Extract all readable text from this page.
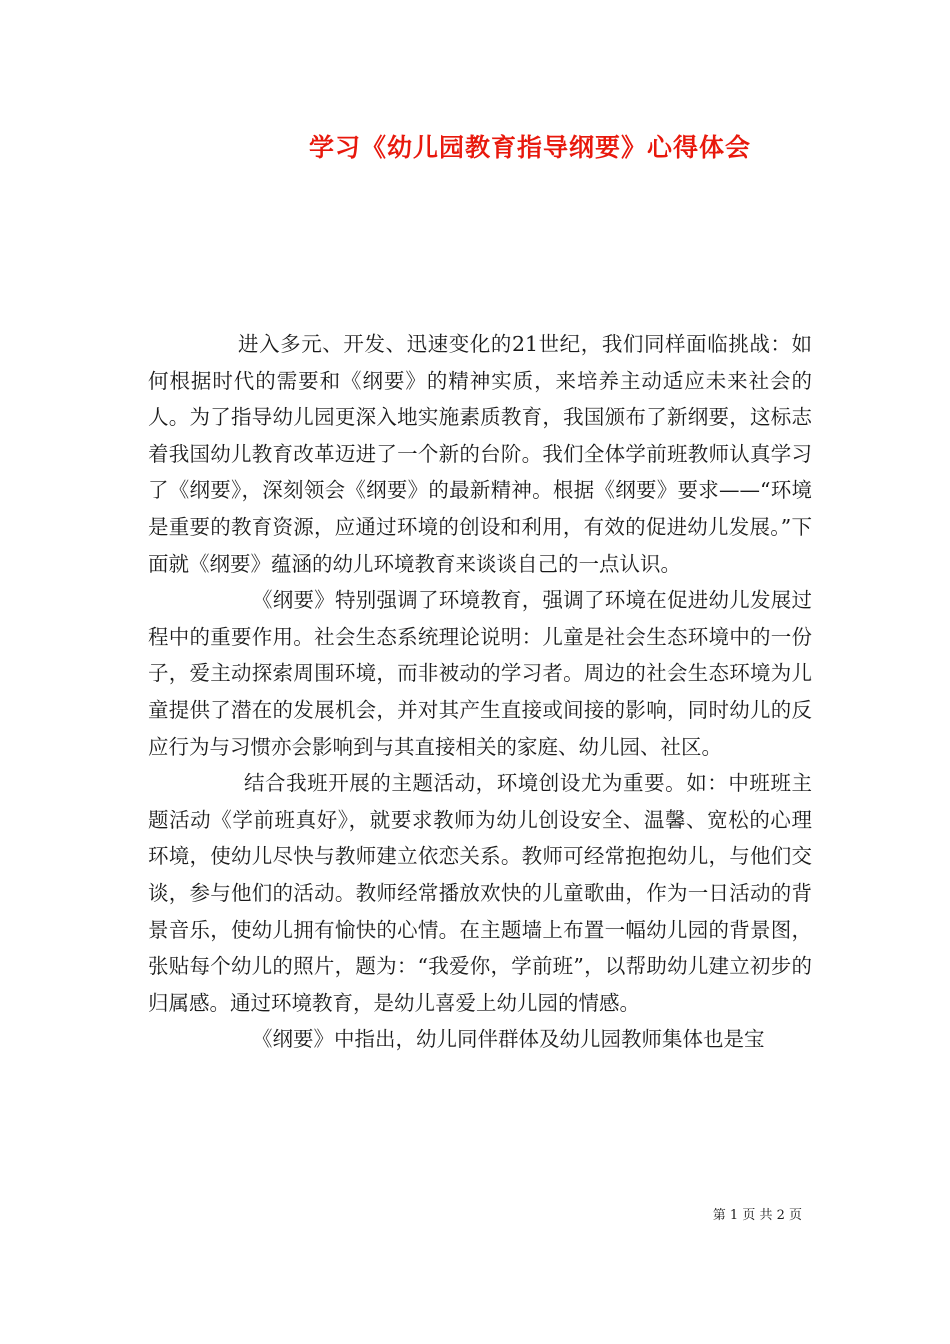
学习《幼儿园教育指导纲要》心得体会

进入多元、开发、迅速变化的21世纪，我们同样面临挑战：如何根据时代的需要和《纲要》的精神实质，来培养主动适应未来社会的人。为了指导幼儿园更深入地实施素质教育，我国颁布了新纲要，这标志着我国幼儿教育改革迈进了一个新的台阶。我们全体学前班教师认真学习了《纲要》，深刻领会《纲要》的最新精神。根据《纲要》要求——“环境是重要的教育资源，应通过环境的创设和利用，有效的促进幼儿发展。”下面就《纲要》蕴涵的幼儿环境教育来谈谈自己的一点认识。

《纲要》特别强调了环境教育，强调了环境在促进幼儿发展过程中的重要作用。社会生态系统理论说明：儿童是社会生态环境中的一份子，爱主动探索周围环境，而非被动的学习者。周边的社会生态环境为儿童提供了潜在的发展机会，并对其产生直接或间接的影响，同时幼儿的反应行为与习惯亦会影响到与其直接相关的家庭、幼儿园、社区。

结合我班开展的主题活动，环境创设尤为重要。如：中班班主题活动《学前班真好》，就要求教师为幼儿创设安全、温馨、宽松的心理环境，使幼儿尽快与教师建立依恋关系。教师可经常抱抱幼儿，与他们交谈，参与他们的活动。教师经常播放欢快的儿童歌曲，作为一日活动的背景音乐，使幼儿拥有愉快的心情。在主题墙上布置一幅幼儿园的背景图，张贴每个幼儿的照片，题为：“我爱你，学前班”，以帮助幼儿建立初步的归属感。通过环境教育，是幼儿喜爱上幼儿园的情感。

《纲要》中指出，幼儿同伴群体及幼儿园教师集体也是宝

第 1 页 共 2 页
